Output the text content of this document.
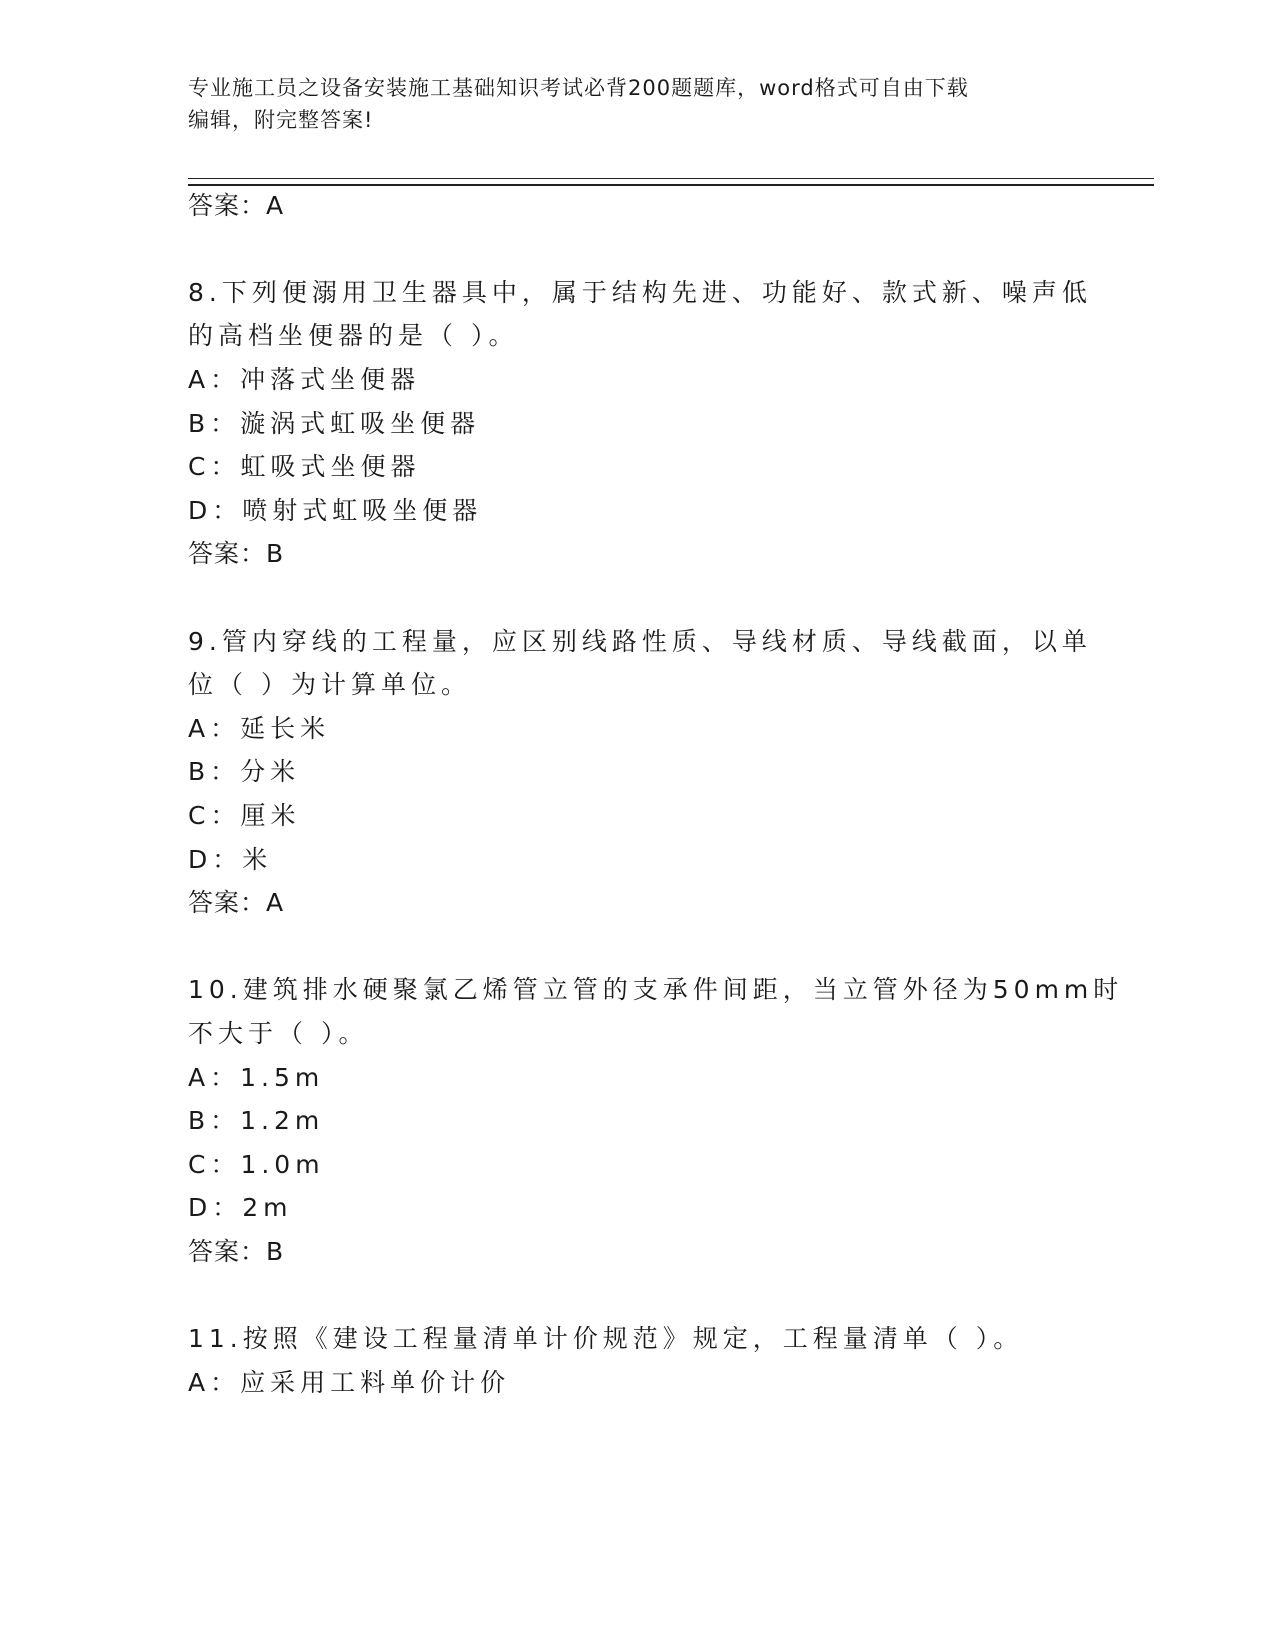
专业施工员之设备安装施工基础知识考试必背200题题库，word格式可自由下载
编辑，附完整答案!
答案：A
8.下列便溺用卫生器具中，属于结构先进、功能好、款式新、噪声低
的高档坐便器的是（ ）。
A：冲落式坐便器
B：漩涡式虹吸坐便器
C：虹吸式坐便器
D：喷射式虹吸坐便器
答案：B
9.管内穿线的工程量，应区别线路性质、导线材质、导线截面，以单
位（ ）为计算单位。
A：延长米
B：分米
C：厘米
D：米
答案：A
10.建筑排水硬聚氯乙烯管立管的支承件间距，当立管外径为50mm时
不大于（ ）。
A：1.5m
B：1.2m
C：1.0m
D：2m
答案：B
11.按照《建设工程量清单计价规范》规定，工程量清单（ ）。
A：应采用工料单价计价
